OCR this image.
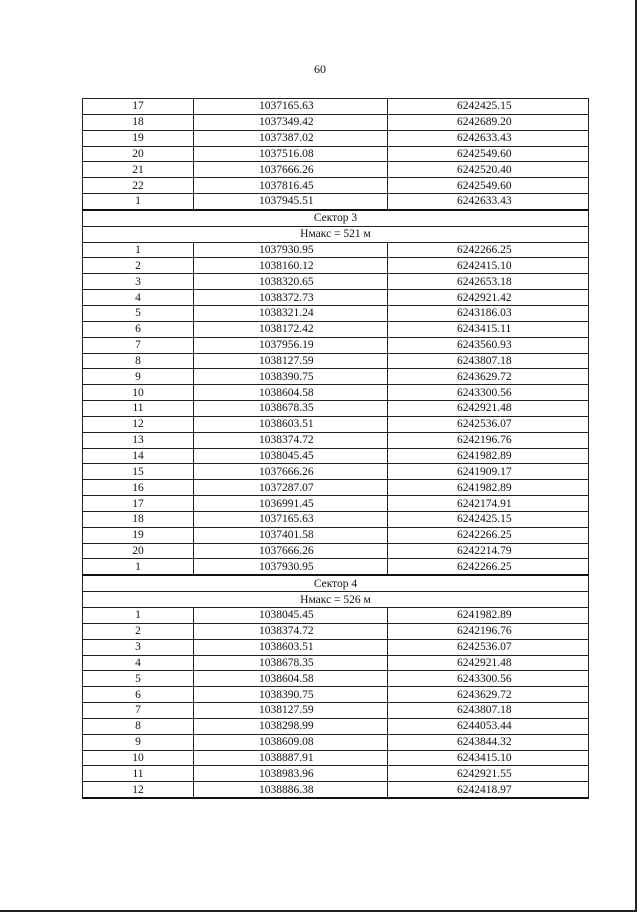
60
17	1037165.63	6242425.15
18	1037349.42	6242689.20
19	1037387.02	6242633.43
20	1037516.08	6242549.60
21	1037666.26	6242520.40
22	1037816.45	6242549.60
1	1037945.51	6242633.43
Сектор 3		
Нмакс = 521 м		
1	1037930.95	6242266.25
2	1038160.12	6242415.10
3	1038320.65	6242653.18
4	1038372.73	6242921.42
5	1038321.24	6243186.03
6	1038172.42	6243415.11
7	1037956.19	6243560.93
8	1038127.59	6243807.18
9	1038390.75	6243629.72
10	1038604.58	6243300.56
11	1038678.35	6242921.48
12	1038603.51	6242536.07
13	1038374.72	6242196.76
14	1038045.45	6241982.89
15	1037666.26	6241909.17
16	1037287.07	6241982.89
17	1036991.45	6242174.91
18	1037165.63	6242425.15
19	1037401.58	6242266.25
20	1037666.26	6242214.79
1	1037930.95	6242266.25
Сектор 4		
Нмакс = 526 м		
1	1038045.45	6241982.89
2	1038374.72	6242196.76
3	1038603.51	6242536.07
4	1038678.35	6242921.48
5	1038604.58	6243300.56
6	1038390.75	6243629.72
7	1038127.59	6243807.18
8	1038298.99	6244053.44
9	1038609.08	6243844.32
10	1038887.91	6243415.10
11	1038983.96	6242921.55
12	1038886.38	6242418.97
